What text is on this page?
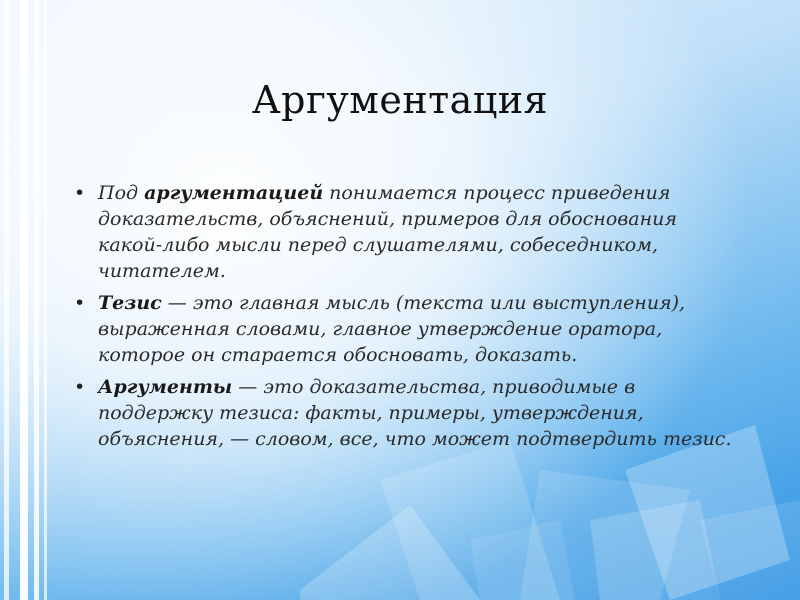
Аргументация
• Под аргументацией понимается процесс приведения доказательств, объяснений, примеров для обоснования какой-либо мысли перед слушателями, собеседником, читателем.
• Тезис — это главная мысль (текста или выступления), выраженная словами, главное утверждение оратора, которое он старается обосновать, доказать.
• Аргументы — это доказательства, приводимые в поддержку тезиса: факты, примеры, утверждения, объяснения, — словом, все, что может подтвердить тезис.
